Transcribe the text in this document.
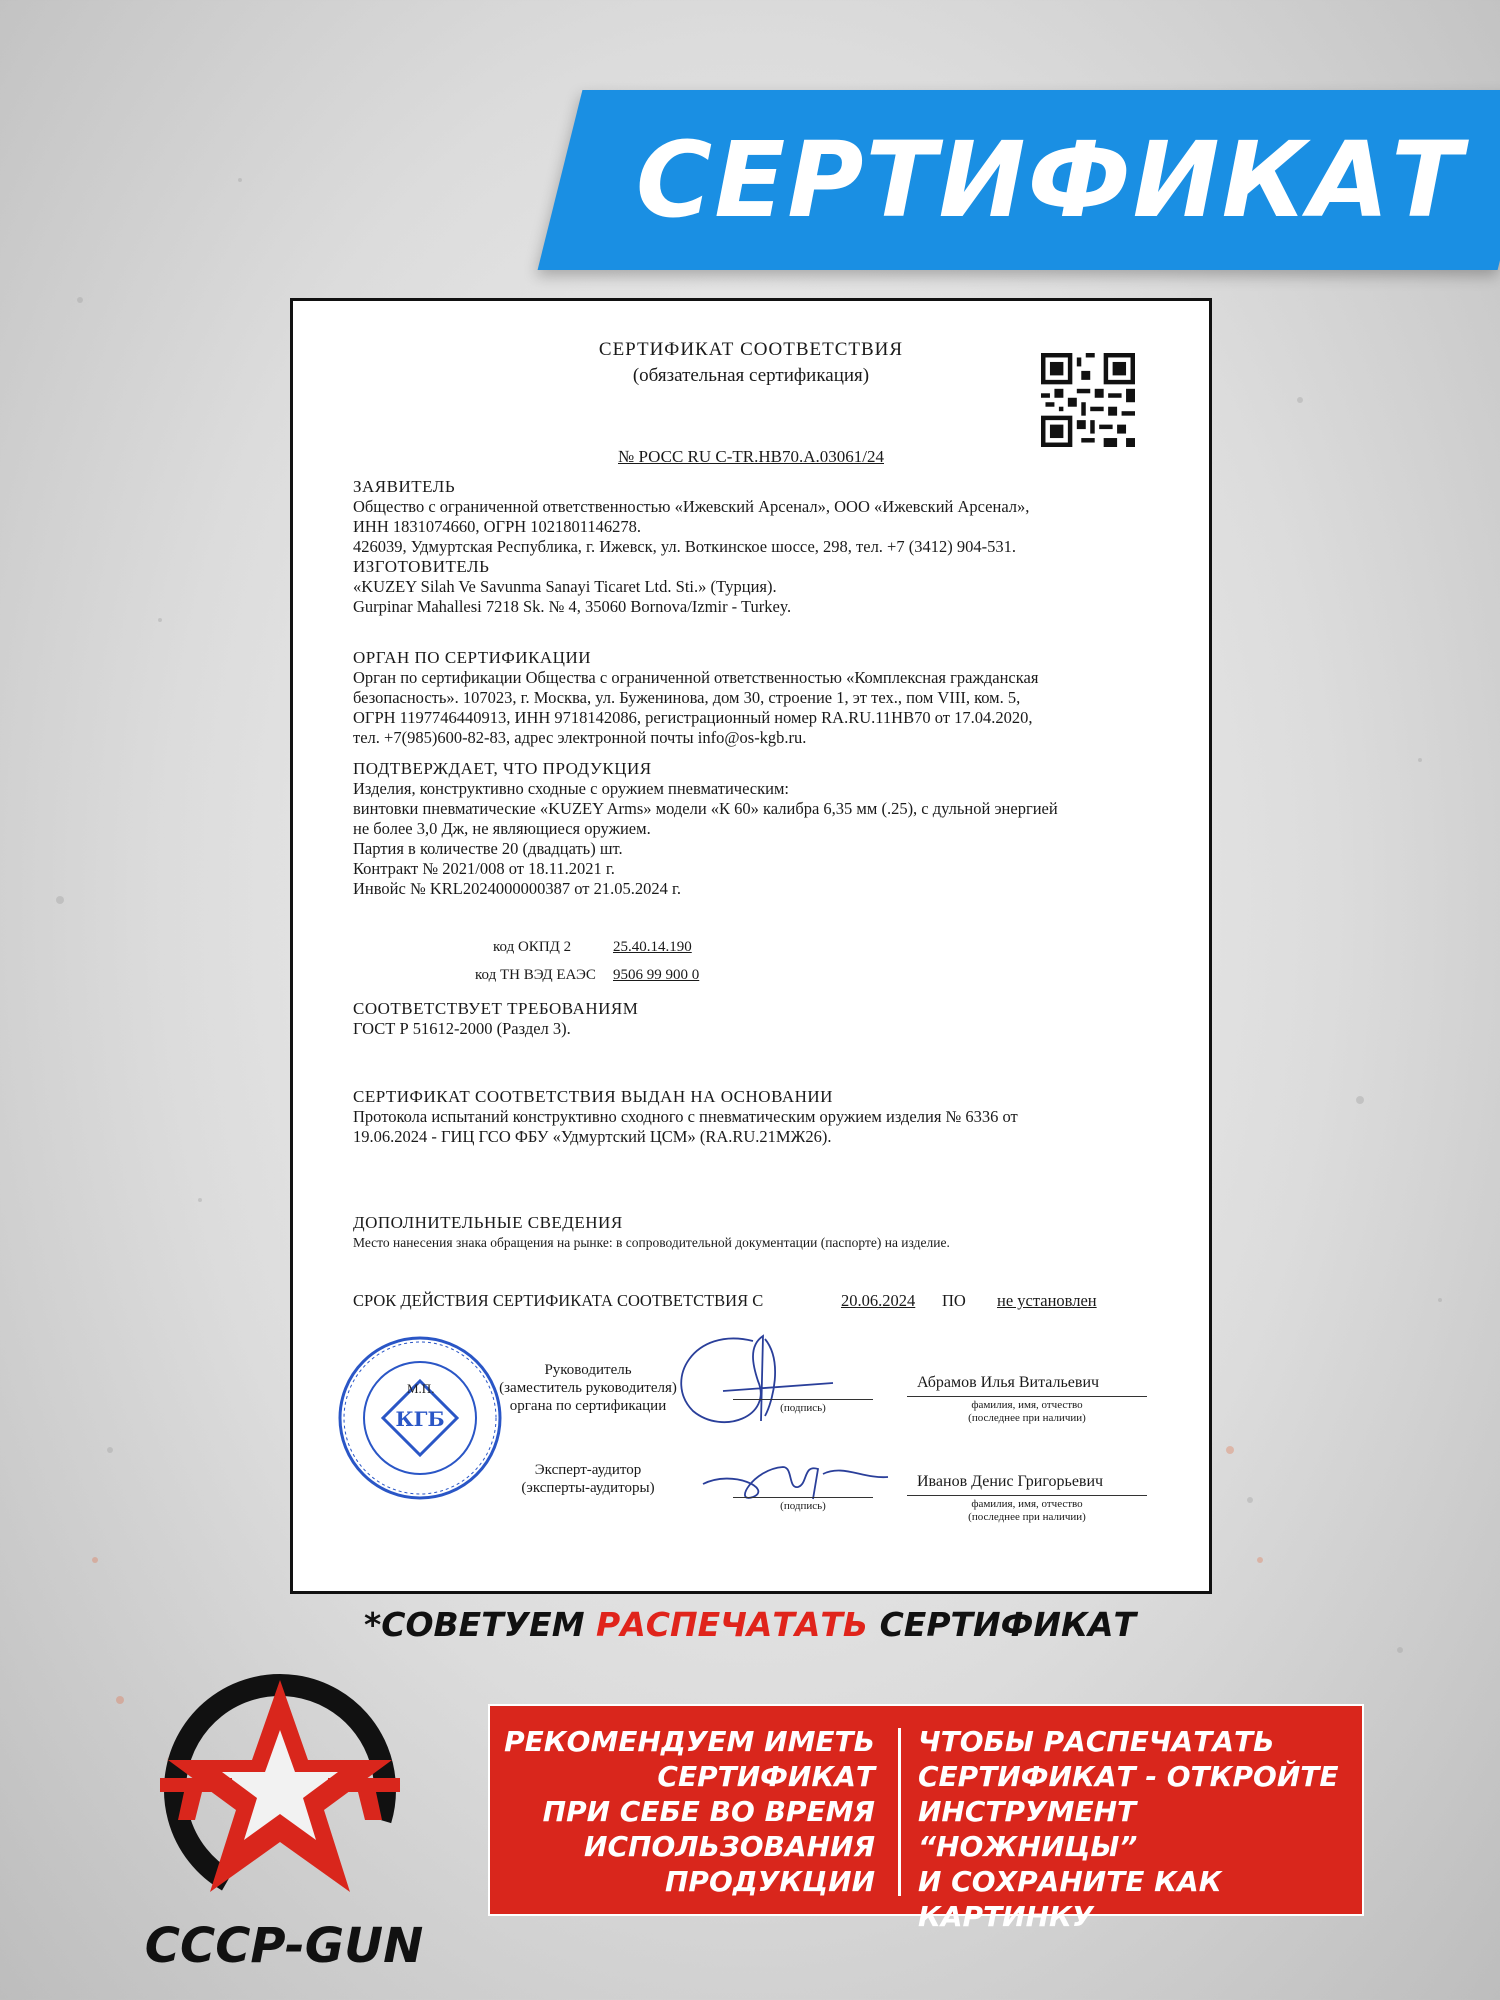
СЕРТИФИКАТ
СЕРТИФИКАТ СООТВЕТСТВИЯ
(обязательная сертификация)
№ РОСС RU C-TR.HB70.A.03061/24
ЗАЯВИТЕЛЬ
Общество с ограниченной ответственностью «Ижевский Арсенал», ООО «Ижевский Арсенал»,
ИНН 1831074660, ОГРН 1021801146278.
426039, Удмуртская Республика, г. Ижевск, ул. Воткинское шоссе, 298, тел. +7 (3412) 904-531.
ИЗГОТОВИТЕЛЬ
«KUZEY Silah Ve Savunma Sanayi Ticaret Ltd. Sti.» (Турция).
Gurpinar Mahallesi 7218 Sk. № 4, 35060 Bornova/Izmir - Turkey.
ОРГАН ПО СЕРТИФИКАЦИИ
Орган по сертификации Общества с ограниченной ответственностью «Комплексная гражданская
безопасность». 107023, г. Москва, ул. Буженинова, дом 30, строение 1, эт тех., пом VIII, ком. 5,
ОГРН 1197746440913, ИНН 9718142086, регистрационный номер RA.RU.11НВ70 от 17.04.2020,
тел. +7(985)600-82-83, адрес электронной почты info@os-kgb.ru.
ПОДТВЕРЖДАЕТ, ЧТО ПРОДУКЦИЯ
Изделия, конструктивно сходные с оружием пневматическим:
винтовки пневматические «KUZEY Arms» модели «К 60» калибра 6,35 мм (.25), с дульной энергией
не более 3,0 Дж, не являющиеся оружием.
Партия в количестве 20 (двадцать) шт.
Контракт № 2021/008 от 18.11.2021 г.
Инвойс № KRL2024000000387 от 21.05.2024 г.
код ОКПД 2	25.40.14.190
код ТН ВЭД ЕАЭС 9506 99 900 0
СООТВЕТСТВУЕТ ТРЕБОВАНИЯМ
ГОСТ Р 51612-2000 (Раздел 3).
СЕРТИФИКАТ СООТВЕТСТВИЯ ВЫДАН НА ОСНОВАНИИ
Протокола испытаний конструктивно сходного с пневматическим оружием изделия № 6336 от
19.06.2024 - ГИЦ ГСО ФБУ «Удмуртский ЦСМ» (RA.RU.21МЖ26).
ДОПОЛНИТЕЛЬНЫЕ СВЕДЕНИЯ
Место нанесения знака обращения на рынке: в сопроводительной документации (паспорте) на изделие.
СРОК ДЕЙСТВИЯ СЕРТИФИКАТА СООТВЕТСТВИЯ С	20.06.2024 ПО не установлен
КГБ
М.П.
Руководитель
(заместитель руководителя)
органа по сертификации	(подпись)
Абрамов Илья Витальевич
фамилия, имя, отчество
(последнее при наличии)
Эксперт-аудитор
(эксперты-аудиторы)
(подпись)
Иванов Денис Григорьевич
фамилия, имя, отчество
(последнее при наличии)
*СОВЕТУЕМ РАСПЕЧАТАТЬ СЕРТИФИКАТ
CCCP-GUN
РЕКОМЕНДУЕМ ИМЕТЬ
СЕРТИФИКАТ
ПРИ СЕБЕ ВО ВРЕМЯ
ИСПОЛЬЗОВАНИЯ
ПРОДУКЦИИ
ЧТОБЫ РАСПЕЧАТАТЬ
СЕРТИФИКАТ - ОТКРОЙТЕ
ИНСТРУМЕНТ “НОЖНИЦЫ”
И СОХРАНИТЕ КАК
КАРТИНКУ
